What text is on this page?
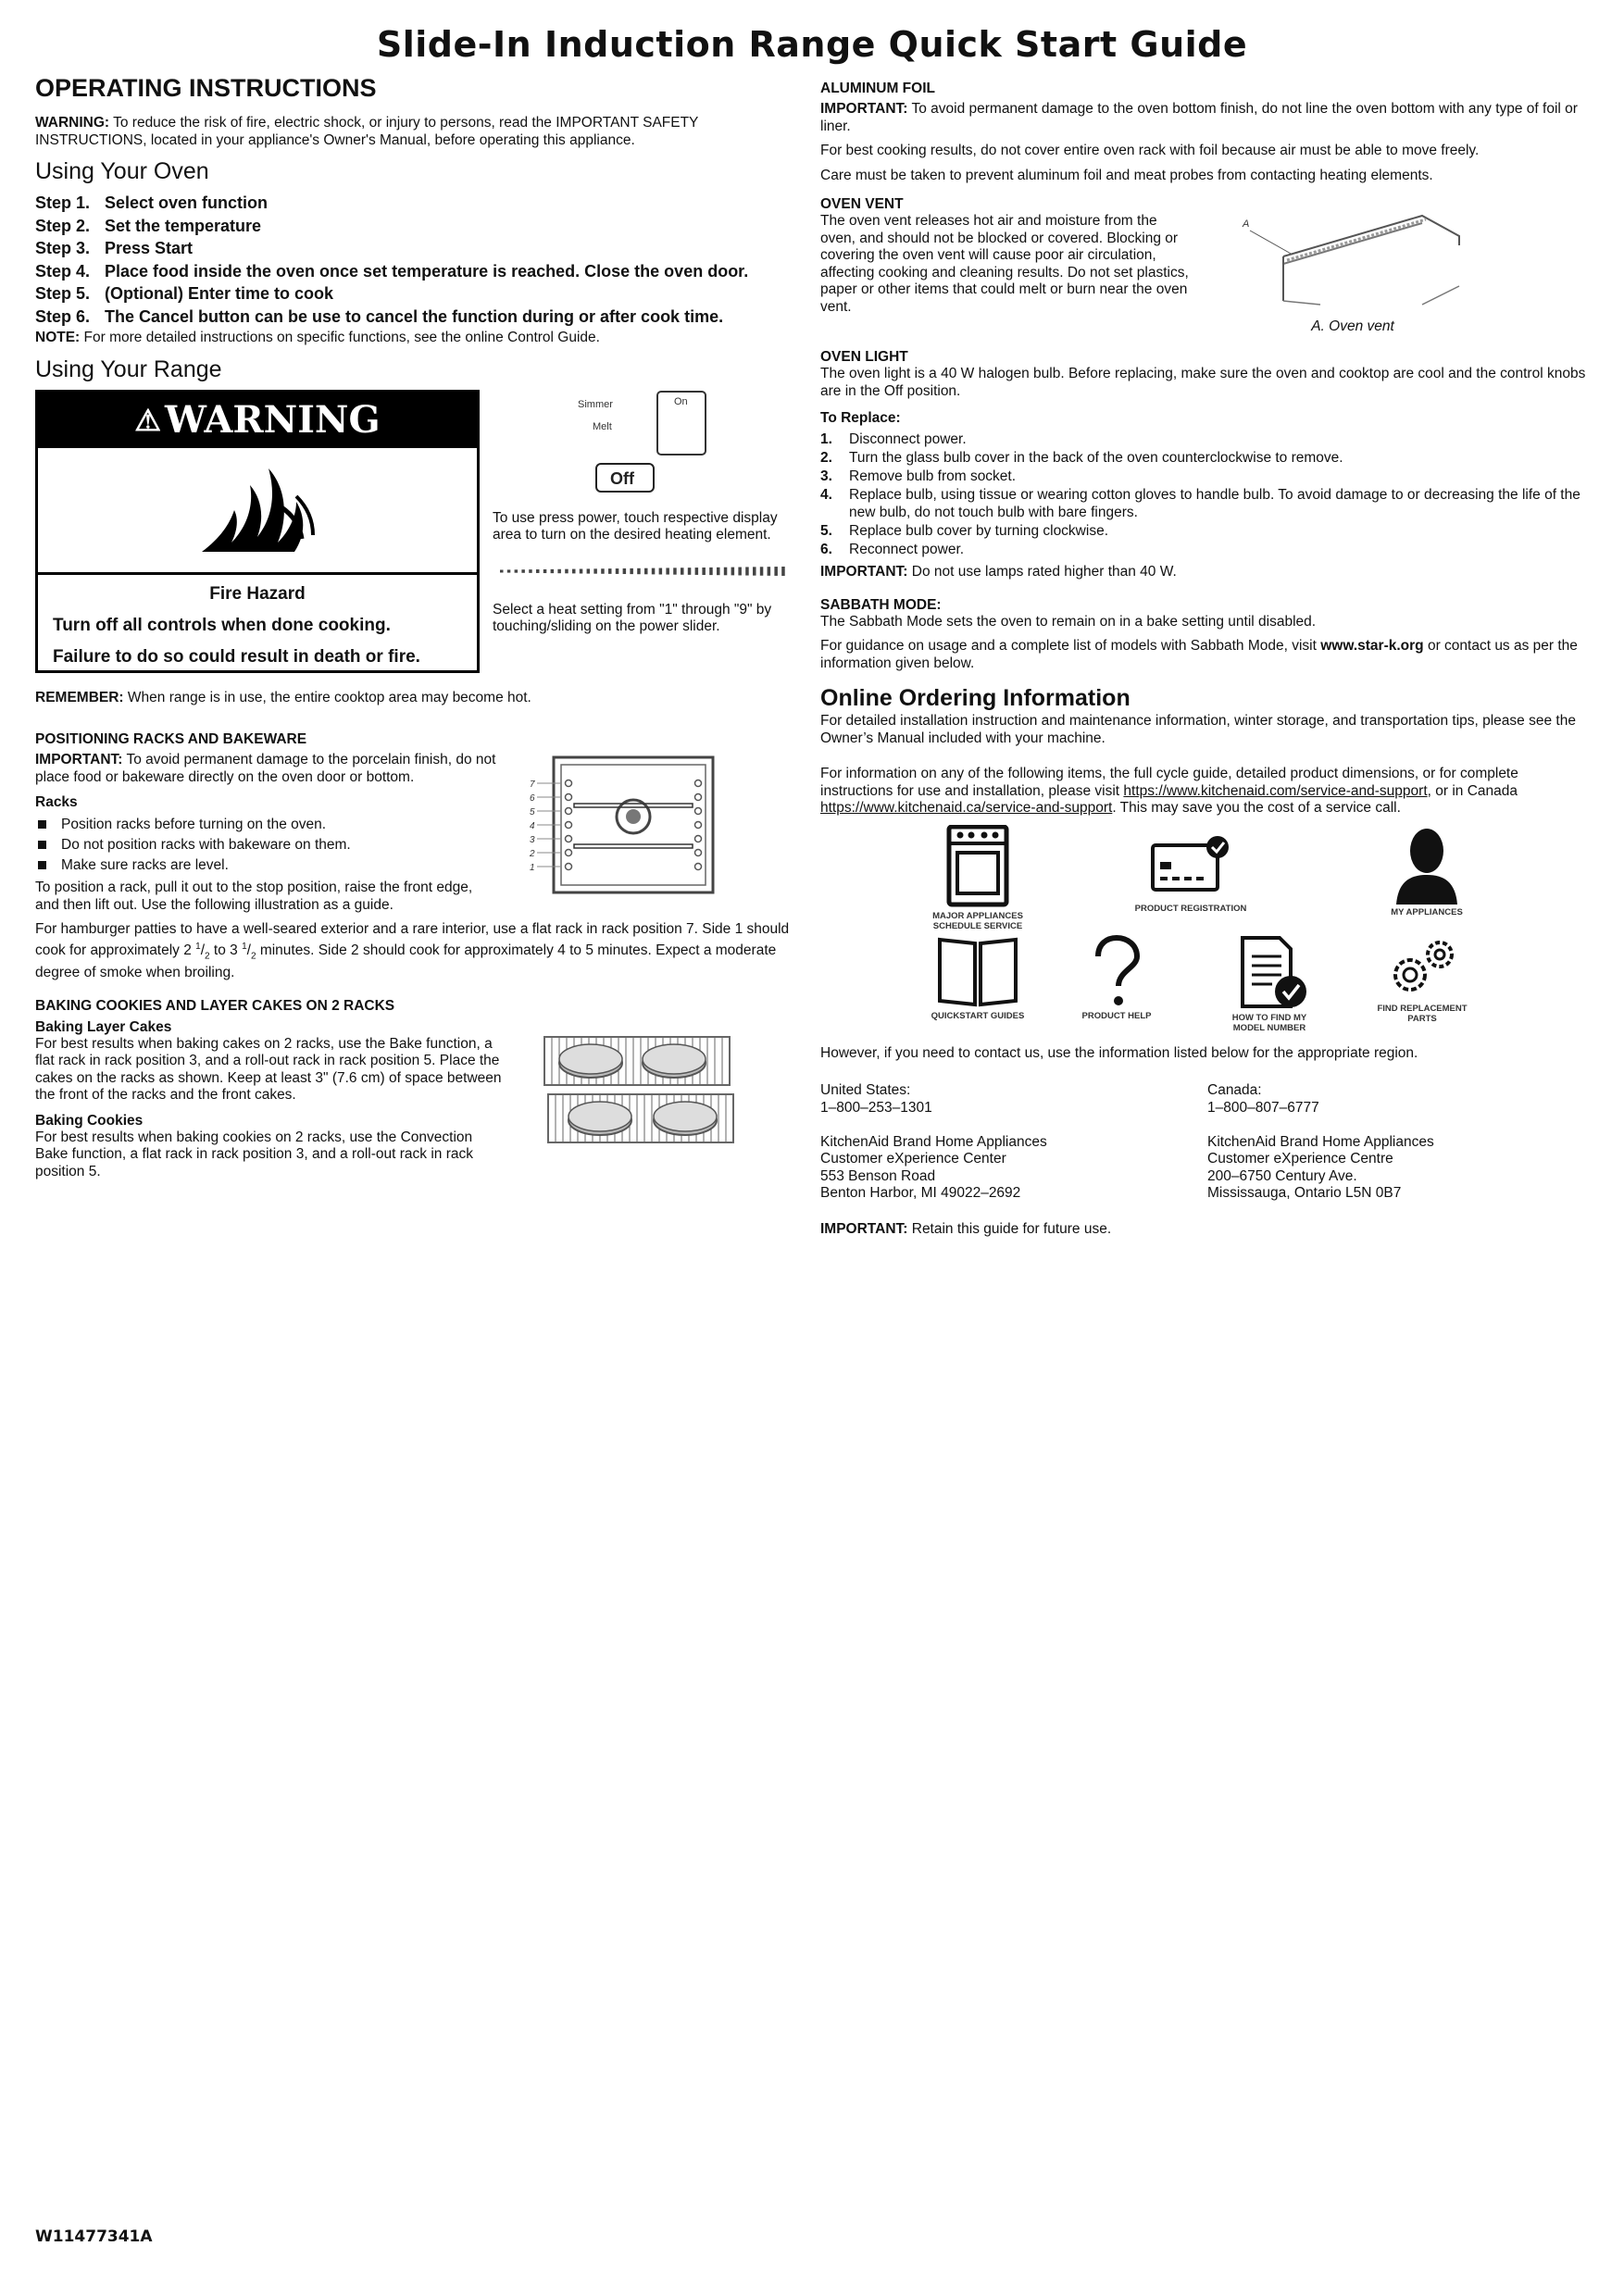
Slide-In Induction Range Quick Start Guide
OPERATING INSTRUCTIONS

WARNING: To reduce the risk of fire, electric shock, or injury to persons, read the IMPORTANT SAFETY INSTRUCTIONS, located in your appliance's Owner's Manual, before operating this appliance.

Using Your Oven
Step 1. Select oven function
Step 2. Set the temperature
Step 3. Press Start
Step 4. Place food inside the oven once set temperature is reached. Close the oven door.
Step 5. (Optional) Enter time to cook
Step 6. The Cancel button can be use to cancel the function during or after cook time.

NOTE: For more detailed instructions on specific functions, see the online Control Guide.

Using Your Range
⚠ WARNING
Fire Hazard
Turn off all controls when done cooking.
Failure to do so could result in death or fire.
Simmer
Melt
On
Off

To use press power, touch respective display area to turn on the desired heating element.

Select a heat setting from "1" through "9" by touching/sliding on the power slider.

REMEMBER: When range is in use, the entire cooktop area may become hot.

POSITIONING RACKS AND BAKEWARE

IMPORTANT: To avoid permanent damage to the porcelain finish, do not place food or bakeware directly on the oven door or bottom.

Racks
Position racks before turning on the oven.
Do not position racks with bakeware on them.
Make sure racks are level.

To position a rack, pull it out to the stop position, raise the front edge, and then lift out. Use the following illustration as a guide.

7
6
5
4
3
2
1

For hamburger patties to have a well-seared exterior and a rare interior, use a flat rack in rack position 7. Side 1 should cook for approximately 2 $^1/_2$ to 3 $^1/_2$ minutes. Side 2 should cook for approximately 4 to 5 minutes. Expect a moderate degree of smoke when broiling.

BAKING COOKIES AND LAYER CAKES ON 2 RACKS
Baking Layer Cakes

For best results when baking cakes on 2 racks, use the Bake function, a flat rack in rack position 3, and a roll-out rack in rack position 5. Place the cakes on the racks as shown. Keep at least 3" (7.6 cm) of space between the front of the racks and the front cakes.

Baking Cookies

For best results when baking cookies on 2 racks, use the Convection Bake function, a flat rack in rack position 3, and a roll-out rack in rack position 5.

ALUMINUM FOIL

IMPORTANT: To avoid permanent damage to the oven bottom finish, do not line the oven bottom with any type of foil or liner.

For best cooking results, do not cover entire oven rack with foil because air must be able to move freely.

Care must be taken to prevent aluminum foil and meat probes from contacting heating elements.

OVEN VENT

The oven vent releases hot air and moisture from the oven, and should not be blocked or covered. Blocking or covering the oven vent will cause poor air circulation, affecting cooking and cleaning results. Do not set plastics, paper or other items that could melt or burn near the oven vent.

A
A. Oven vent
OVEN LIGHT

The oven light is a 40 W halogen bulb. Before replacing, make sure the oven and cooktop are cool and the control knobs are in the Off position.

To Replace:
1.	Disconnect power.
2.	Turn the glass bulb cover in the back of the oven counterclockwise to remove.
3.	Remove bulb from socket.
4.	Replace bulb, using tissue or wearing cotton gloves to handle bulb. To avoid damage to or decreasing the life of the new bulb, do not touch bulb with bare fingers.
5.	Replace bulb cover by turning clockwise.
6.	Reconnect power.

IMPORTANT: Do not use lamps rated higher than 40 W.

SABBATH MODE:

The Sabbath Mode sets the oven to remain on in a bake setting until disabled.

For guidance on usage and a complete list of models with Sabbath Mode, visit www.star-k.org or contact us as per the information given below.

Online Ordering Information

For detailed installation instruction and maintenance information, winter storage, and transportation tips, please see the Owner’s Manual included with your machine.

For information on any of the following items, the full cycle guide, detailed product dimensions, or for complete instructions for use and installation, please visit https://www.kitchenaid.com/service-and-support, or in Canada https://www.kitchenaid.ca/service-and-support. This may save you the cost of a service call.

MAJOR APPLIANCES SCHEDULE SERVICE
PRODUCT REGISTRATION	MY APPLIANCES
QUICKSTART GUIDES	PRODUCT HELP	HOW TO FIND MY MODEL NUMBER
FIND REPLACEMENT PARTS

However, if you need to contact us, use the information listed below for the appropriate region.

United States:
1–800–253–1301
KitchenAid Brand Home Appliances
Customer eXperience Center
553 Benson Road
Benton Harbor, MI 49022–2692
Canada:
1–800–807–6777
KitchenAid Brand Home Appliances
Customer eXperience Centre
200–6750 Century Ave.
Mississauga, Ontario L5N 0B7

IMPORTANT: Retain this guide for future use.

W11477341A
